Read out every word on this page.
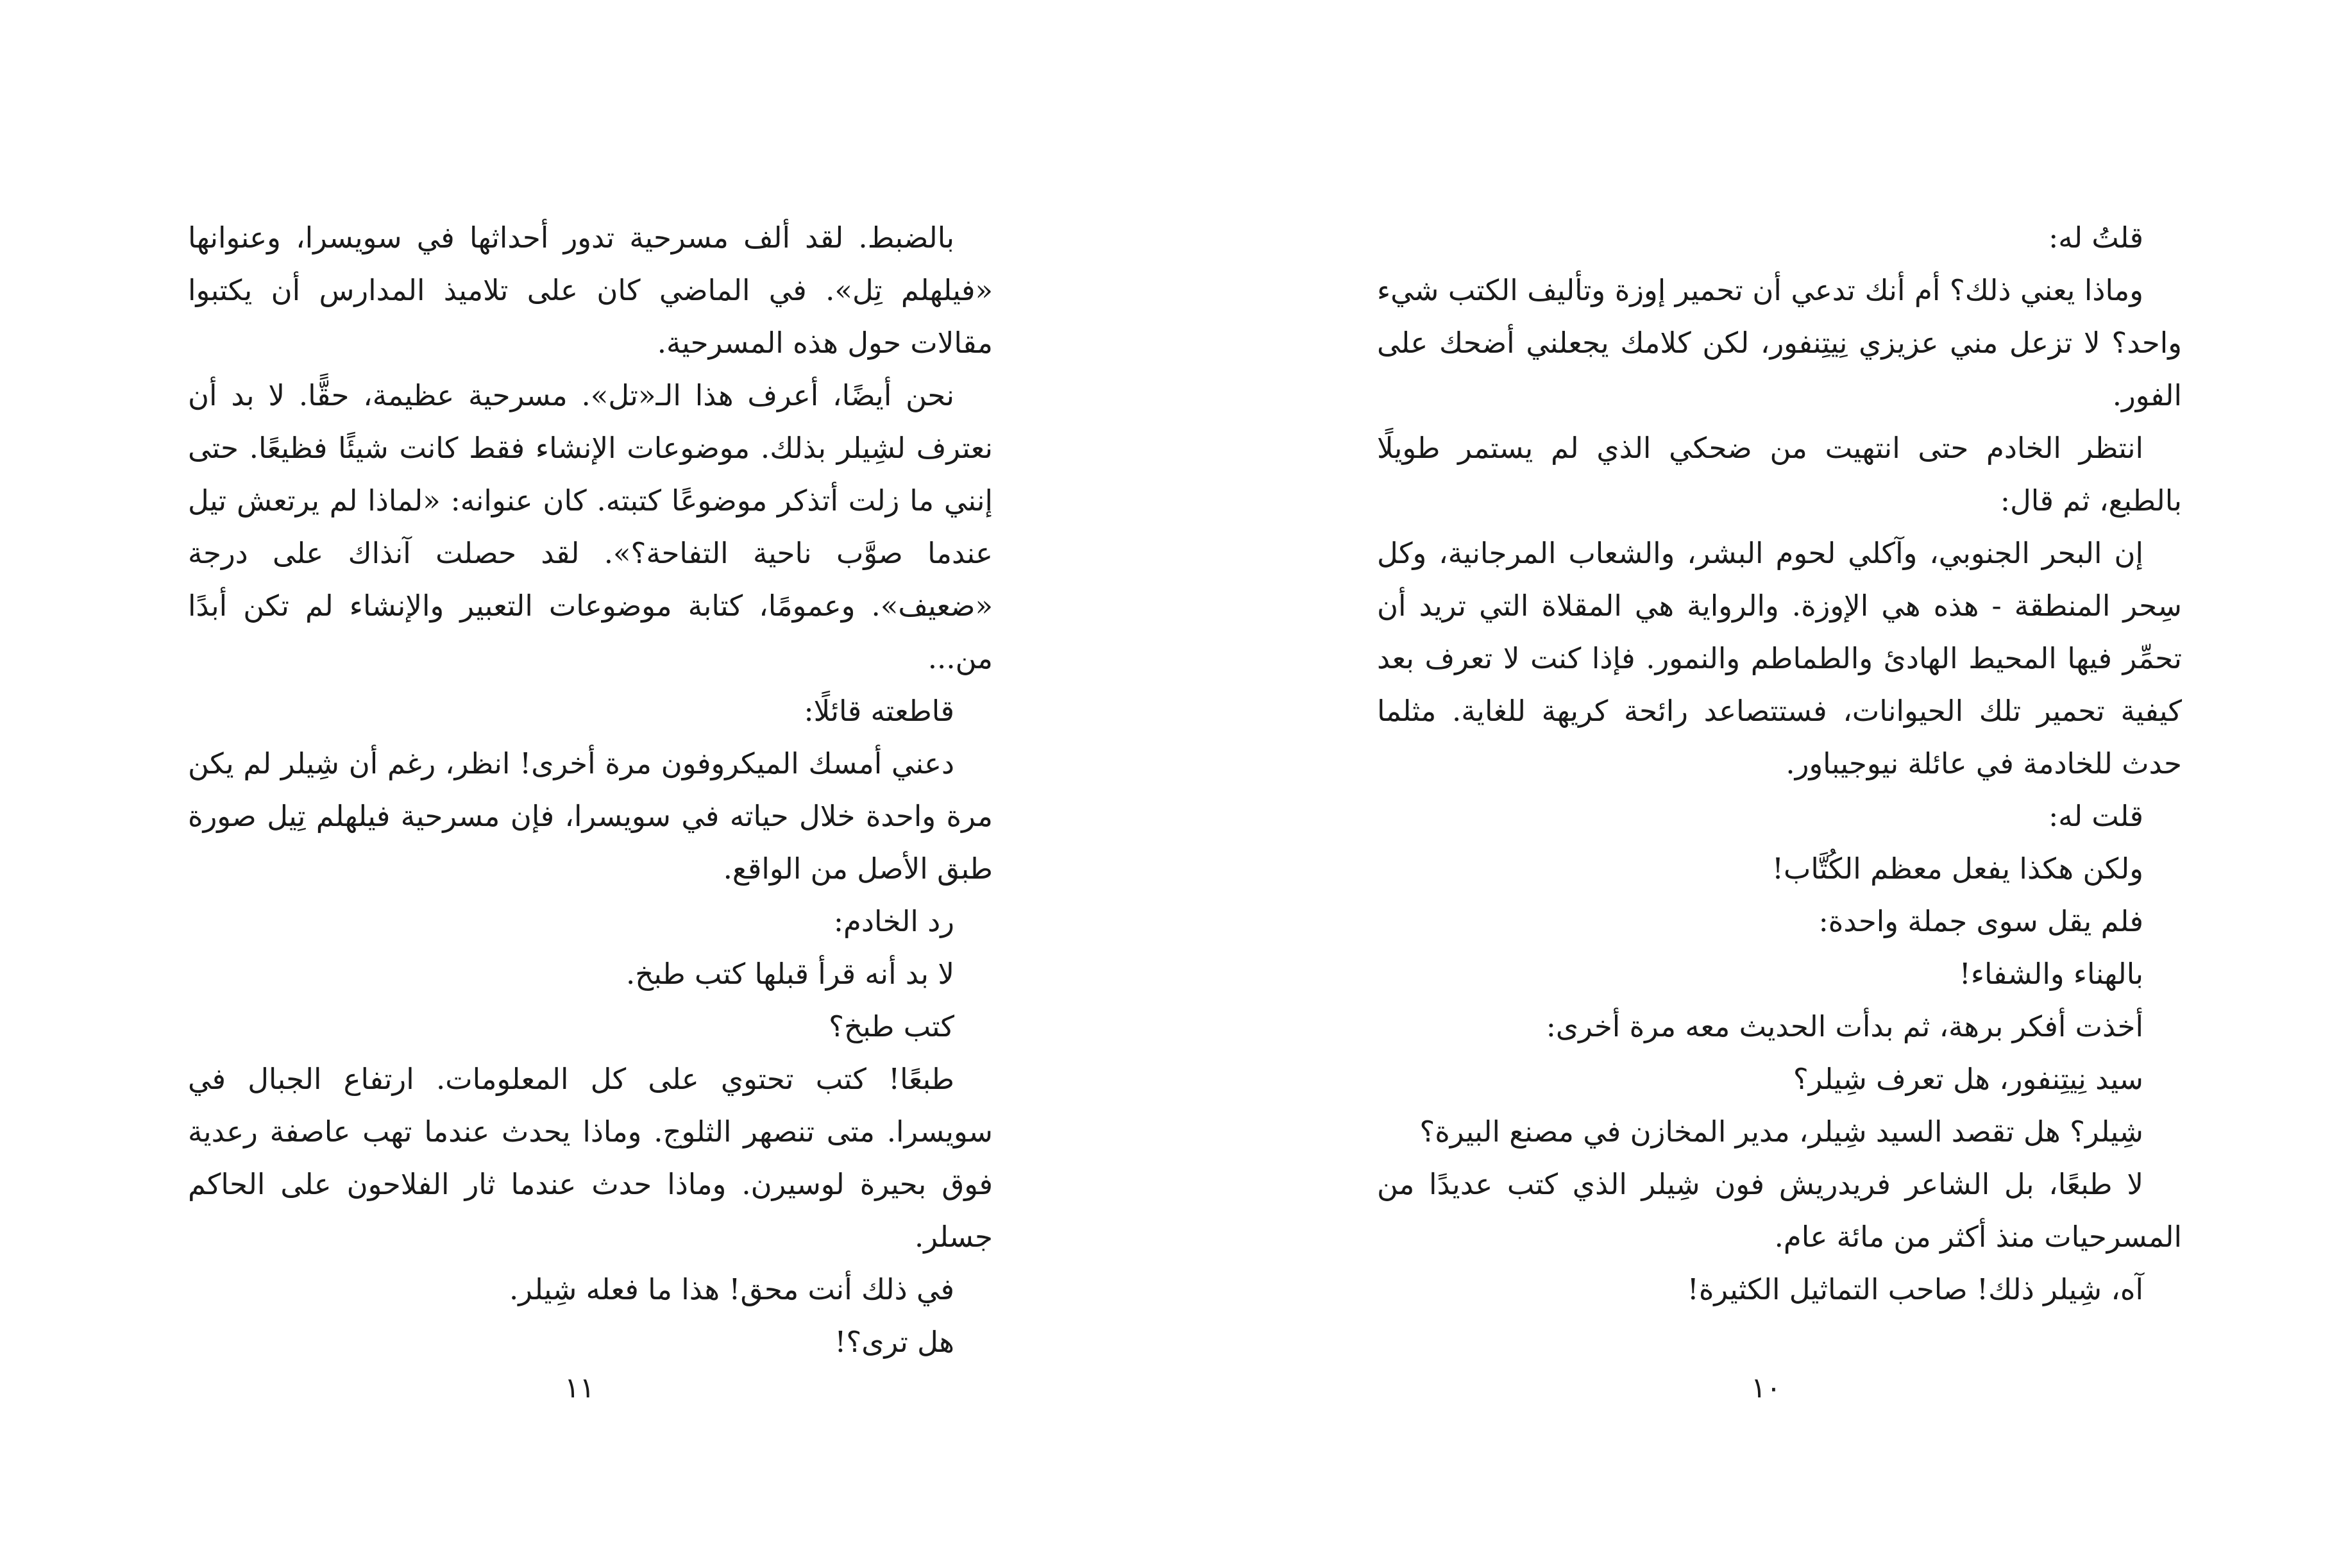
قلتُ له:

وماذا يعني ذلك؟ أم أنك تدعي أن تحمير إوزة وتأليف الكتب شيء واحد؟ لا تزعل مني عزيزي نِيتِنفور، لكن كلامك يجعلني أضحك على الفور.

انتظر الخادم حتى انتهيت من ضحكي الذي لم يستمر طويلًا بالطبع، ثم قال:

إن البحر الجنوبي، وآكلي لحوم البشر، والشعاب المرجانية، وكل سِحر المنطقة - هذه هي الإوزة. والرواية هي المقلاة التي تريد أن تحمِّر فيها المحيط الهادئ والطماطم والنمور. فإذا كنت لا تعرف بعد كيفية تحمير تلك الحيوانات، فستتصاعد رائحة كريهة للغاية. مثلما حدث للخادمة في عائلة نيوجيباور.

قلت له:

ولكن هكذا يفعل معظم الكُتَّاب!

فلم يقل سوى جملة واحدة:

بالهناء والشفاء!

أخذت أفكر برهة، ثم بدأت الحديث معه مرة أخرى:

سيد نِيتِنفور، هل تعرف شِيلر؟

شِيلر؟ هل تقصد السيد شِيلر، مدير المخازن في مصنع البيرة؟

لا طبعًا، بل الشاعر فريدريش فون شِيلر الذي كتب عديدًا من المسرحيات منذ أكثر من مائة عام.

آه، شِيلر ذلك! صاحب التماثيل الكثيرة!

١٠

بالضبط. لقد ألف مسرحية تدور أحداثها في سويسرا، وعنوانها «فيلهلم تِل». في الماضي كان على تلاميذ المدارس أن يكتبوا مقالات حول هذه المسرحية.

نحن أيضًا، أعرف هذا الـ«تل». مسرحية عظيمة، حقًّا. لا بد أن نعترف لشِيلر بذلك. موضوعات الإنشاء فقط كانت شيئًا فظيعًا. حتى إنني ما زلت أتذكر موضوعًا كتبته. كان عنوانه: «لماذا لم يرتعش تيل عندما صوَّب ناحية التفاحة؟». لقد حصلت آنذاك على درجة «ضعيف». وعمومًا، كتابة موضوعات التعبير والإنشاء لم تكن أبدًا من...

قاطعته قائلًا:

دعني أمسك الميكروفون مرة أخرى! انظر، رغم أن شِيلر لم يكن مرة واحدة خلال حياته في سويسرا، فإن مسرحية فيلهلم تِيل صورة طبق الأصل من الواقع.

رد الخادم:

لا بد أنه قرأ قبلها كتب طبخ.

كتب طبخ؟

طبعًا! كتب تحتوي على كل المعلومات. ارتفاع الجبال في سويسرا. متى تنصهر الثلوج. وماذا يحدث عندما تهب عاصفة رعدية فوق بحيرة لوسيرن. وماذا حدث عندما ثار الفلاحون على الحاكم جسلر.

في ذلك أنت محق! هذا ما فعله شِيلر.

هل ترى؟!

١١
